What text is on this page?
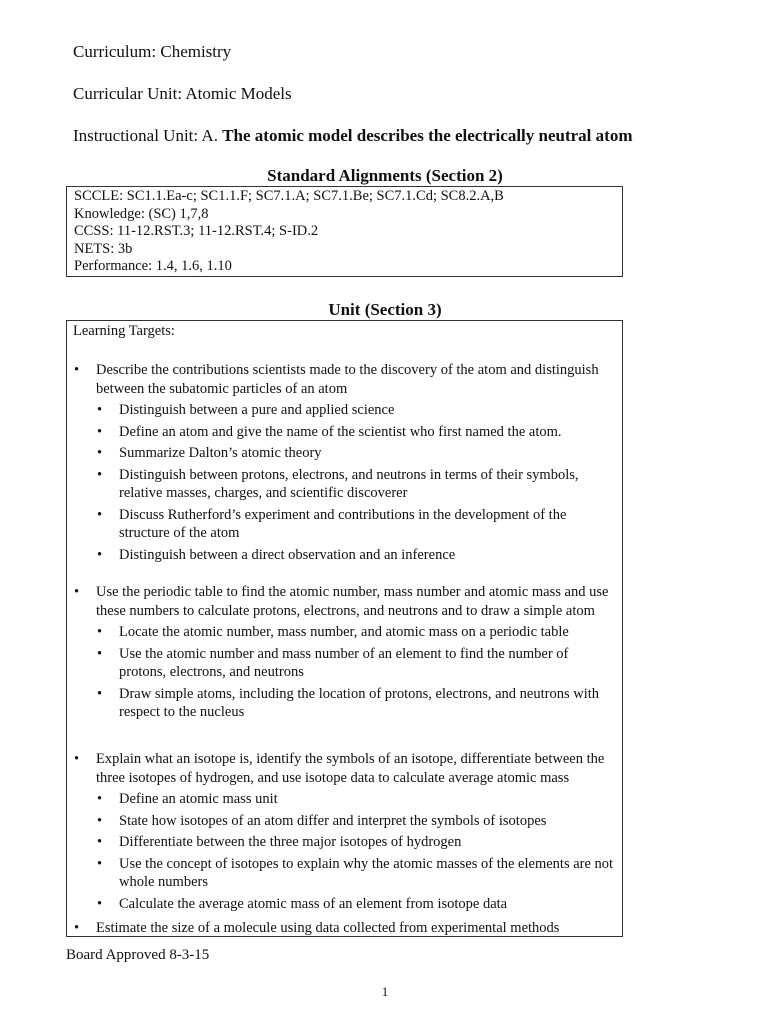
Curriculum: Chemistry
Curricular Unit: Atomic Models
Instructional Unit: A. The atomic model describes the electrically neutral atom
Standard Alignments (Section 2)
SCCLE: SC1.1.Ea-c; SC1.1.F; SC7.1.A; SC7.1.Be; SC7.1.Cd; SC8.2.A,B
Knowledge: (SC) 1,7,8
CCSS: 11-12.RST.3; 11-12.RST.4; S-ID.2
NETS: 3b
Performance: 1.4, 1.6, 1.10
Unit (Section 3)
Learning Targets:
• Describe the contributions scientists made to the discovery of the atom and distinguish between the subatomic particles of an atom
• Distinguish between a pure and applied science
• Define an atom and give the name of the scientist who first named the atom.
• Summarize Dalton’s atomic theory
• Distinguish between protons, electrons, and neutrons in terms of their symbols, relative masses, charges, and scientific discoverer
• Discuss Rutherford’s experiment and contributions in the development of the structure of the atom
• Distinguish between a direct observation and an inference
• Use the periodic table to find the atomic number, mass number and atomic mass and use these numbers to calculate protons, electrons, and neutrons and to draw a simple atom
• Locate the atomic number, mass number, and atomic mass on a periodic table
• Use the atomic number and mass number of an element to find the number of protons, electrons, and neutrons
• Draw simple atoms, including the location of protons, electrons, and neutrons with respect to the nucleus
• Explain what an isotope is, identify the symbols of an isotope, differentiate between the three isotopes of hydrogen, and use isotope data to calculate average atomic mass
• Define an atomic mass unit
• State how isotopes of an atom differ and interpret the symbols of isotopes
• Differentiate between the three major isotopes of hydrogen
• Use the concept of isotopes to explain why the atomic masses of the elements are not whole numbers
• Calculate the average atomic mass of an element from isotope data
• Estimate the size of a molecule using data collected from experimental methods
Board Approved 8-3-15
1
